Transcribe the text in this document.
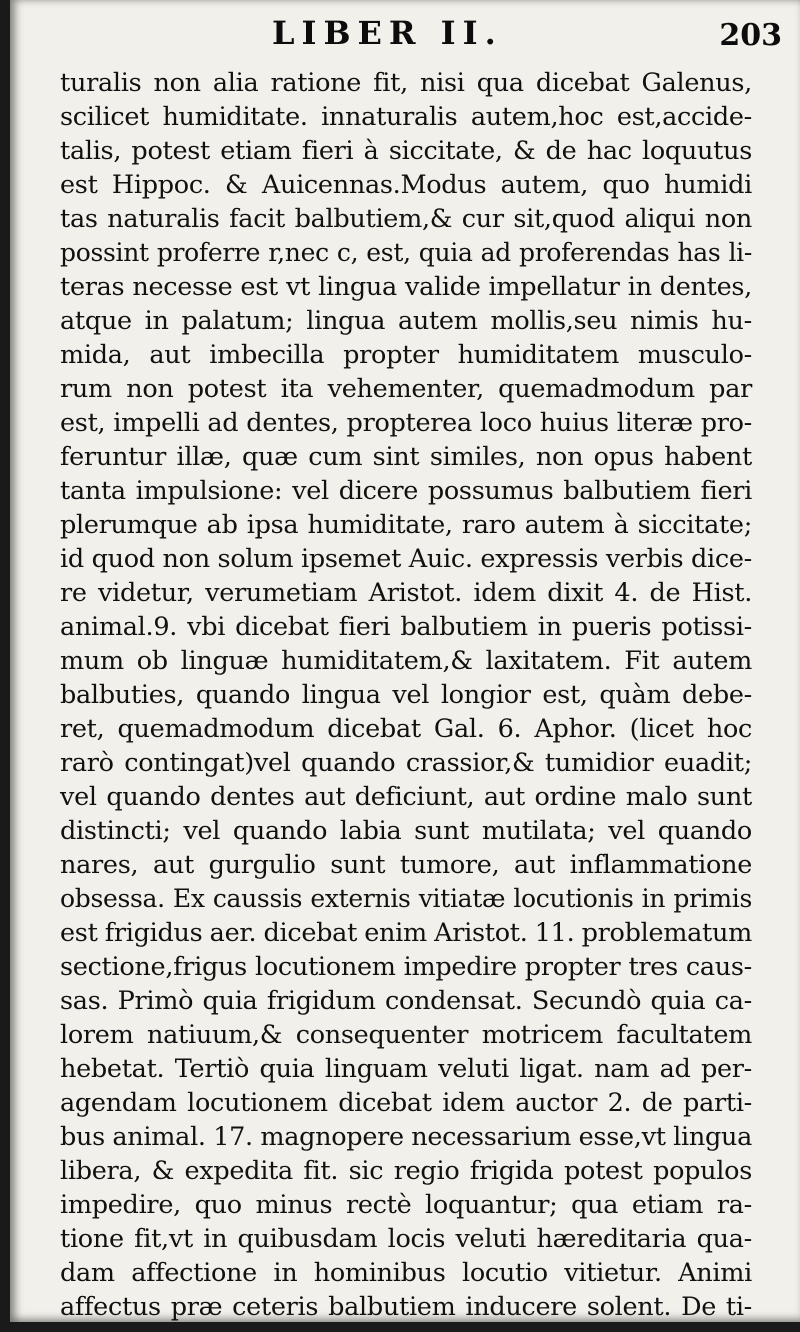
LIBER II.	203
turalis non alia ratione fit, nisi qua dicebat Galenus,
scilicet humiditate. innaturalis autem,hoc est,accide-
talis, potest etiam fieri à siccitate, & de hac loquutus
est Hippoc. & Auicennas.Modus autem, quo humidi
tas naturalis facit balbutiem,& cur sit,quod aliqui non
possint proferre r,nec c, est, quia ad proferendas has li-
teras necesse est vt lingua valide impellatur in dentes,
atque in palatum; lingua autem mollis,seu nimis hu-
mida, aut imbecilla propter humiditatem musculo-
rum non potest ita vehementer, quemadmodum par
est, impelli ad dentes, propterea loco huius literæ pro-
feruntur illæ, quæ cum sint similes, non opus habent
tanta impulsione: vel dicere possumus balbutiem fieri
plerumque ab ipsa humiditate, raro autem à siccitate;
id quod non solum ipsemet Auic. expressis verbis dice-
re videtur, verumetiam Aristot. idem dixit 4. de Hist.
animal.9. vbi dicebat fieri balbutiem in pueris potissi-
mum ob linguæ humiditatem,& laxitatem. Fit autem
balbuties, quando lingua vel longior est, quàm debe-
ret, quemadmodum dicebat Gal. 6. Aphor. (licet hoc
rarò contingat)vel quando crassior,& tumidior euadit;
vel quando dentes aut deficiunt, aut ordine malo sunt
distincti; vel quando labia sunt mutilata; vel quando
nares, aut gurgulio sunt tumore, aut inflammatione
obsessa. Ex caussis externis vitiatæ locutionis in primis
est frigidus aer. dicebat enim Aristot. 11. problematum
sectione,frigus locutionem impedire propter tres caus-
sas. Primò quia frigidum condensat. Secundò quia ca-
lorem natiuum,& consequenter motricem facultatem
hebetat. Tertiò quia linguam veluti ligat. nam ad per-
agendam locutionem dicebat idem auctor 2. de parti-
bus animal. 17. magnopere necessarium esse,vt lingua
libera, & expedita fit. sic regio frigida potest populos
impedire, quo minus rectè loquantur; qua etiam ra-
tione fit,vt in quibusdam locis veluti hæreditaria qua-
dam affectione in hominibus locutio vitietur. Animi
affectus præ ceteris balbutiem inducere solent. De ti-
